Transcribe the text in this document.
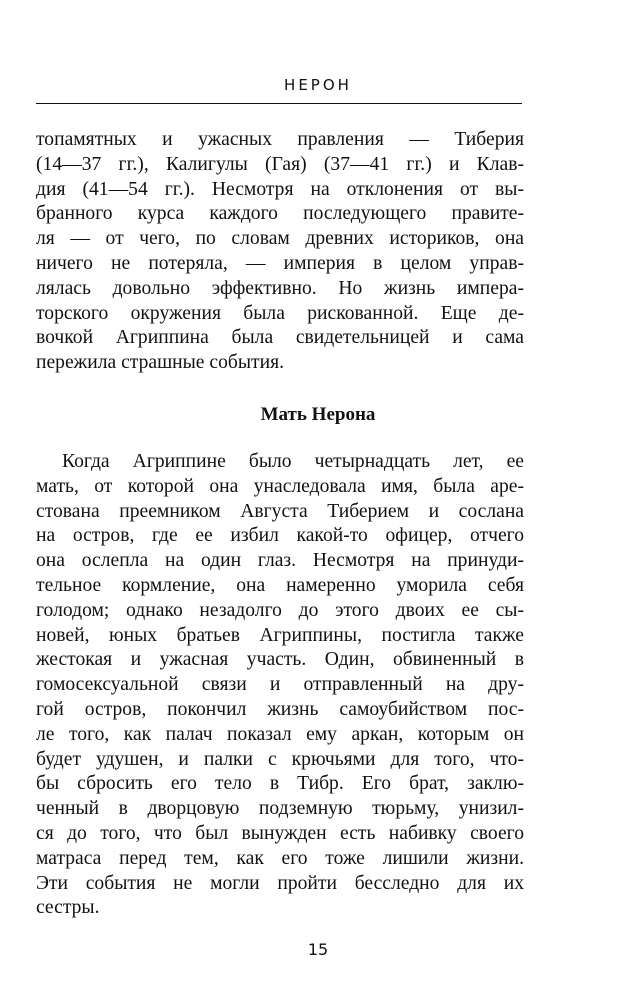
НЕРОН
топамятных и ужасных правления — Тиберия
(14—37 гг.), Калигулы (Гая) (37—41 гг.) и Клав-
дия (41—54 гг.). Несмотря на отклонения от вы-
бранного курса каждого последующего правите-
ля — от чего, по словам древних историков, она
ничего не потеряла, — империя в целом управ-
лялась довольно эффективно. Но жизнь импера-
торского окружения была рискованной. Еще де-
вочкой Агриппина была свидетельницей и сама
пережила страшные события.
Мать Нерона
Когда Агриппине было четырнадцать лет, ее
мать, от которой она унаследовала имя, была аре-
стована преемником Августа Тиберием и сослана
на остров, где ее избил какой-то офицер, отчего
она ослепла на один глаз. Несмотря на принуди-
тельное кормление, она намеренно уморила себя
голодом; однако незадолго до этого двоих ее сы-
новей, юных братьев Агриппины, постигла также
жестокая и ужасная участь. Один, обвиненный в
гомосексуальной связи и отправленный на дру-
гой остров, покончил жизнь самоубийством пос-
ле того, как палач показал ему аркан, которым он
будет удушен, и палки с крючьями для того, что-
бы сбросить его тело в Тибр. Его брат, заклю-
ченный в дворцовую подземную тюрьму, унизил-
ся до того, что был вынужден есть набивку своего
матраса перед тем, как его тоже лишили жизни.
Эти события не могли пройти бесследно для их
сестры.
15
